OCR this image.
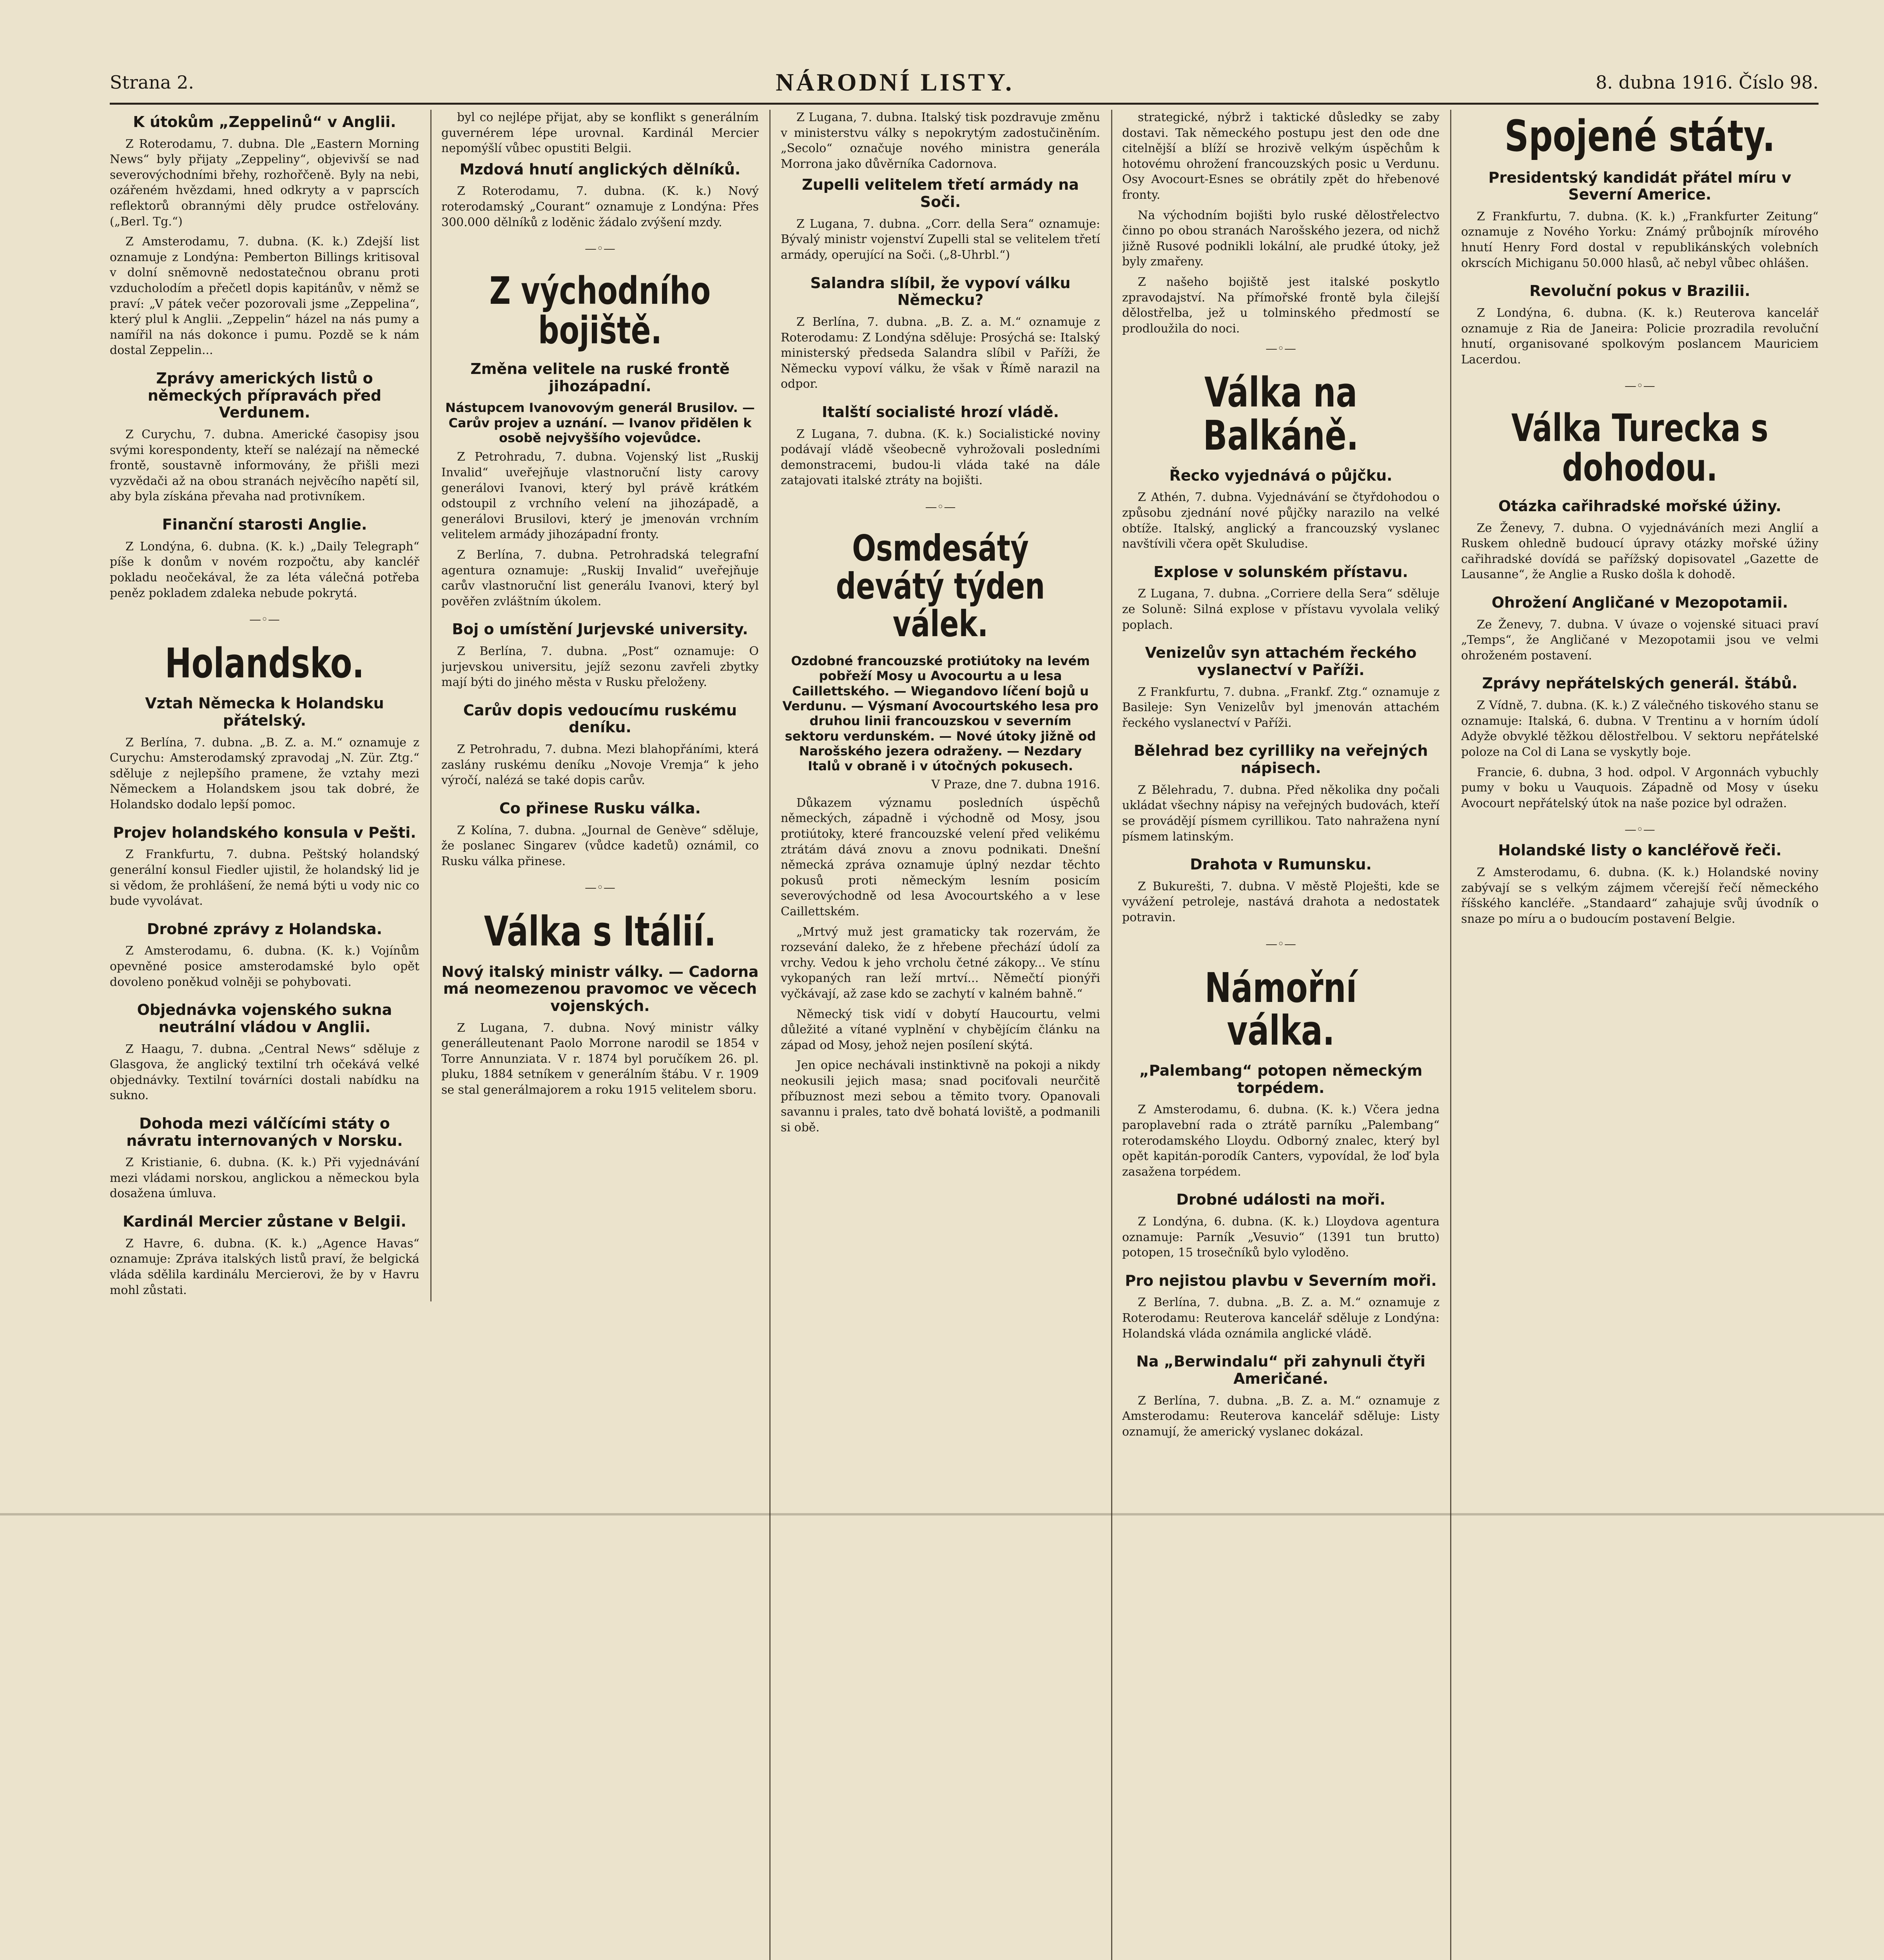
Strana 2.	NÁRODNÍ LISTY.	8. dubna 1916. Číslo 98.
K útokům „Zeppelinů“ v Anglii.

Z Roterodamu, 7. dubna. Dle „Eastern Morning News“ byly přijaty „Zeppeliny“, objevivší se nad severovýchodními břehy, rozhořčeně. Byly na nebi, ozářeném hvězdami, hned odkryty a v paprscích reflektorů obrannými děly prudce ostřelovány. („Berl. Tg.“)

Z Amsterodamu, 7. dubna. (K. k.) Zdejší list oznamuje z Londýna: Pemberton Billings kritisoval v dolní sněmovně nedostatečnou obranu proti vzducholodím a přečetl dopis kapitánův, v němž se praví: „V pátek večer pozorovali jsme „Zeppelina“, který plul k Anglii. „Zeppelin“ házel na nás pumy a namířil na nás dokonce i pumu. Pozdě se k nám dostal Zeppelin...

Zprávy amerických listů o německých přípravách před Verdunem.

Z Curychu, 7. dubna. Americké časopisy jsou svými korespondenty, kteří se nalézají na německé frontě, soustavně informovány, že přišli mezi vyzvědači až na obou stranách nejvěcího napětí sil, aby byla získána převaha nad protivníkem.

Finanční starosti Anglie.

Z Londýna, 6. dubna. (K. k.) „Daily Telegraph“ píše k donům v novém rozpočtu, aby kancléř pokladu neočekával, že za léta válečná potřeba peněz pokladem zdaleka nebude pokrytá.

—◦—
Holandsko.
Vztah Německa k Holandsku přátelský.

Z Berlína, 7. dubna. „B. Z. a. M.“ oznamuje z Curychu: Amsterodamský zpravodaj „N. Zür. Ztg.“ sděluje z nejlepšího pramene, že vztahy mezi Německem a Holandskem jsou tak dobré, že Holandsko dodalo lepší pomoc.

Projev holandského konsula v Pešti.

Z Frankfurtu, 7. dubna. Peštský holandský generální konsul Fiedler ujistil, že holandský lid je si vědom, že prohlášení, že nemá býti u vody nic co bude vyvolávat.

Drobné zprávy z Holandska.

Z Amsterodamu, 6. dubna. (K. k.) Vojínům opevněné posice amsterodamské bylo opět dovoleno poněkud volněji se pohybovati.

Objednávka vojenského sukna neutrální vládou v Anglii.

Z Haagu, 7. dubna. „Central News“ sděluje z Glasgova, že anglický textilní trh očekává velké objednávky. Textilní továrníci dostali nabídku na sukno.

Dohoda mezi válčícími státy o návratu internovaných v Norsku.

Z Kristianie, 6. dubna. (K. k.) Při vyjednávání mezi vládami norskou, anglickou a německou byla dosažena úmluva.

Kardinál Mercier zůstane v Belgii.

Z Havre, 6. dubna. (K. k.) „Agence Havas“ oznamuje: Zpráva italských listů praví, že belgická vláda sdělila kardinálu Mercierovi, že by v Havru mohl zůstati.

byl co nejlépe přijat, aby se konflikt s generálním guvernérem lépe urovnal. Kardinál Mercier nepomýšlí vůbec opustiti Belgii.

Mzdová hnutí anglických dělníků.

Z Roterodamu, 7. dubna. (K. k.) Nový roterodamský „Courant“ oznamuje z Londýna: Přes 300.000 dělníků z loděnic žádalo zvýšení mzdy.

—◦—
Z východního bojiště.
Změna velitele na ruské frontě jihozápadní.
Nástupcem Ivanovovým generál Brusilov. — Carův projev a uznání. — Ivanov přidělen k osobě nejvyššího vojevůdce.

Z Petrohradu, 7. dubna. Vojenský list „Ruskij Invalid“ uveřejňuje vlastnoruční listy carovy generálovi Ivanovi, který byl právě krátkém odstoupil z vrchního velení na jihozápadě, a generálovi Brusilovi, který je jmenován vrchním velitelem armády jihozápadní fronty.

Z Berlína, 7. dubna. Petrohradská telegrafní agentura oznamuje: „Ruskij Invalid“ uveřejňuje carův vlastnoruční list generálu Ivanovi, který byl pověřen zvláštním úkolem.

Boj o umístění Jurjevské university.

Z Berlína, 7. dubna. „Post“ oznamuje: O jurjevskou universitu, jejíž sezonu zavřeli zbytky mají býti do jiného města v Rusku přeloženy.

Carův dopis vedoucímu ruskému deníku.

Z Petrohradu, 7. dubna. Mezi blahopřáními, která zaslány ruskému deníku „Novoje Vremja“ k jeho výročí, nalézá se také dopis carův.

Co přinese Rusku válka.

Z Kolína, 7. dubna. „Journal de Genève“ sděluje, že poslanec Singarev (vůdce kadetů) oznámil, co Rusku válka přinese.

—◦—
Válka s Itálií.
Nový italský ministr války. — Cadorna má neomezenou pravomoc ve věcech vojenských.

Z Lugana, 7. dubna. Nový ministr války generálleutenant Paolo Morrone narodil se 1854 v Torre Annunziata. V r. 1874 byl poručíkem 26. pl. pluku, 1884 setníkem v generálním štábu. V r. 1909 se stal generálmajorem a roku 1915 velitelem sboru.

Z Lugana, 7. dubna. Italský tisk pozdravuje změnu v ministerstvu války s nepokrytým zadostučiněním. „Secolo“ označuje nového ministra generála Morrona jako důvěrníka Cadornova.

Zupelli velitelem třetí armády na Soči.

Z Lugana, 7. dubna. „Corr. della Sera“ oznamuje: Bývalý ministr vojenství Zupelli stal se velitelem třetí armády, operující na Soči. („8-Uhrbl.“)

Salandra slíbil, že vypoví válku Německu?

Z Berlína, 7. dubna. „B. Z. a. M.“ oznamuje z Roterodamu: Z Londýna sděluje: Prosýchá se: Italský ministerský předseda Salandra slíbil v Paříži, že Německu vypoví válku, že však v Římě narazil na odpor.

Italští socialisté hrozí vládě.

Z Lugana, 7. dubna. (K. k.) Socialistické noviny podávají vládě všeobecně vyhrožovali posledními demonstracemi, budou-li vláda také na dále zatajovati italské ztráty na bojišti.

—◦—
Osmdesátý devátý týden válek.
Ozdobné francouzské protiútoky na levém pobřeží Mosy u Avocourtu a u lesa Caillettského. — Wiegandovo líčení bojů u Verdunu. — Výsmaní Avocourtského lesa pro druhou linii francouzskou v severním sektoru verdunském. — Nové útoky jižně od Narošského jezera odraženy. — Nezdary Italů v obraně i v útočných pokusech.
V Praze, dne 7. dubna 1916.

Důkazem významu posledních úspěchů německých, západně i východně od Mosy, jsou protiútoky, které francouzské velení před velikému ztrátám dává znovu a znovu podnikati. Dnešní německá zpráva oznamuje úplný nezdar těchto pokusů proti německým lesním posicím severovýchodně od lesa Avocourtského a v lese Caillettském.

„Mrtvý muž jest gramaticky tak rozervám, že rozsevání daleko, že z hřebene přechází údolí za vrchy. Vedou k jeho vrcholu četné zákopy... Ve stínu vykopaných ran leží mrtví... Němečtí pionýři vyčkávají, až zase kdo se zachytí v kalném bahně.“

Německý tisk vidí v dobytí Haucourtu, velmi důležité a vítané vyplnění v chybějícím článku na západ od Mosy, jehož nejen posílení skýtá.

Jen opice nechávali instinktivně na pokoji a nikdy neokusili jejich masa; snad pociťovali neurčitě příbuznost mezi sebou a těmito tvory. Opanovali savannu i prales, tato dvě bohatá loviště, a podmanili si obě.

strategické, nýbrž i taktické důsledky se zaby dostavi. Tak německého postupu jest den ode dne citelnější a blíží se hrozivě velkým úspěchům k hotovému ohrožení francouzských posic u Verdunu. Osy Avocourt-Esnes se obrátily zpět do hřebenové fronty.

Na východním bojišti bylo ruské dělostřelectvo činno po obou stranách Narošského jezera, od nichž jižně Rusové podnikli lokální, ale prudké útoky, jež byly zmařeny.

Z našeho bojiště jest italské poskytlo zpravodajství. Na přímořské frontě byla čilejší dělostřelba, jež u tolminského předmostí se prodloužila do noci.

—◦—
Válka na Balkáně.
Řecko vyjednává o půjčku.

Z Athén, 7. dubna. Vyjednávání se čtyřdohodou o způsobu zjednání nové půjčky narazilo na velké obtíže. Italský, anglický a francouzský vyslanec navštívili včera opět Skuludise.

Explose v solunském přístavu.

Z Lugana, 7. dubna. „Corriere della Sera“ sděluje ze Soluně: Silná explose v přístavu vyvolala veliký poplach.

Venizelův syn attachém řeckého vyslanectví v Paříži.

Z Frankfurtu, 7. dubna. „Frankf. Ztg.“ oznamuje z Basileje: Syn Venizelův byl jmenován attachém řeckého vyslanectví v Paříži.

Bělehrad bez cyrilliky na veřejných nápisech.

Z Bělehradu, 7. dubna. Před několika dny počali ukládat všechny nápisy na veřejných budovách, kteří se provádějí písmem cyrillikou. Tato nahražena nyní písmem latinským.

Drahota v Rumunsku.

Z Bukurešti, 7. dubna. V městě Ploješti, kde se vyvážení petroleje, nastává drahota a nedostatek potravin.

—◦—
Námořní válka.
„Palembang“ potopen německým torpédem.

Z Amsterodamu, 6. dubna. (K. k.) Včera jedna paroplavební rada o ztrátě parníku „Palembang“ roterodamského Lloydu. Odborný znalec, který byl opět kapitán-porodík Canters, vypovídal, že loď byla zasažena torpédem.

Drobné události na moři.

Z Londýna, 6. dubna. (K. k.) Lloydova agentura oznamuje: Parník „Vesuvio“ (1391 tun brutto) potopen, 15 trosečníků bylo vyloděno.

Pro nejistou plavbu v Severním moři.

Z Berlína, 7. dubna. „B. Z. a. M.“ oznamuje z Roterodamu: Reuterova kancelář sděluje z Londýna: Holandská vláda oznámila anglické vládě.

Na „Berwindalu“ při zahynuli čtyři Američané.

Z Berlína, 7. dubna. „B. Z. a. M.“ oznamuje z Amsterodamu: Reuterova kancelář sděluje: Listy oznamují, že americký vyslanec dokázal.

Spojené státy.
Presidentský kandidát přátel míru v Severní Americe.

Z Frankfurtu, 7. dubna. (K. k.) „Frankfurter Zeitung“ oznamuje z Nového Yorku: Známý průbojník mírového hnutí Henry Ford dostal v republikánských volebních okrscích Michiganu 50.000 hlasů, ač nebyl vůbec ohlášen.

Revoluční pokus v Brazilii.

Z Londýna, 6. dubna. (K. k.) Reuterova kancelář oznamuje z Ria de Janeira: Policie prozradila revoluční hnutí, organisované spolkovým poslancem Mauriciem Lacerdou.

—◦—
Válka Turecka s dohodou.
Otázka cařihradské mořské úžiny.

Ze Ženevy, 7. dubna. O vyjednáváních mezi Anglií a Ruskem ohledně budoucí úpravy otázky mořské úžiny cařihradské dovídá se pařížský dopisovatel „Gazette de Lausanne“, že Anglie a Rusko došla k dohodě.

Ohrožení Angličané v Mezopotamii.

Ze Ženevy, 7. dubna. V úvaze o vojenské situaci praví „Temps“, že Angličané v Mezopotamii jsou ve velmi ohroženém postavení.

Zprávy nepřátelských generál. štábů.

Z Vídně, 7. dubna. (K. k.) Z válečného tiskového stanu se oznamuje: Italská, 6. dubna. V Trentinu a v horním údolí Adyže obvyklé těžkou dělostřelbou. V sektoru nepřátelské poloze na Col di Lana se vyskytly boje.

Francie, 6. dubna, 3 hod. odpol. V Argonnách vybuchly pumy v boku u Vauquois. Západně od Mosy v úseku Avocourt nepřátelský útok na naše pozice byl odražen.

—◦—
Holandské listy o kancléřově řeči.

Z Amsterodamu, 6. dubna. (K. k.) Holandské noviny zabývají se s velkým zájmem včerejší řečí německého říšského kancléře. „Standaard“ zahajuje svůj úvodník o snaze po míru a o budoucím postavení Belgie.
